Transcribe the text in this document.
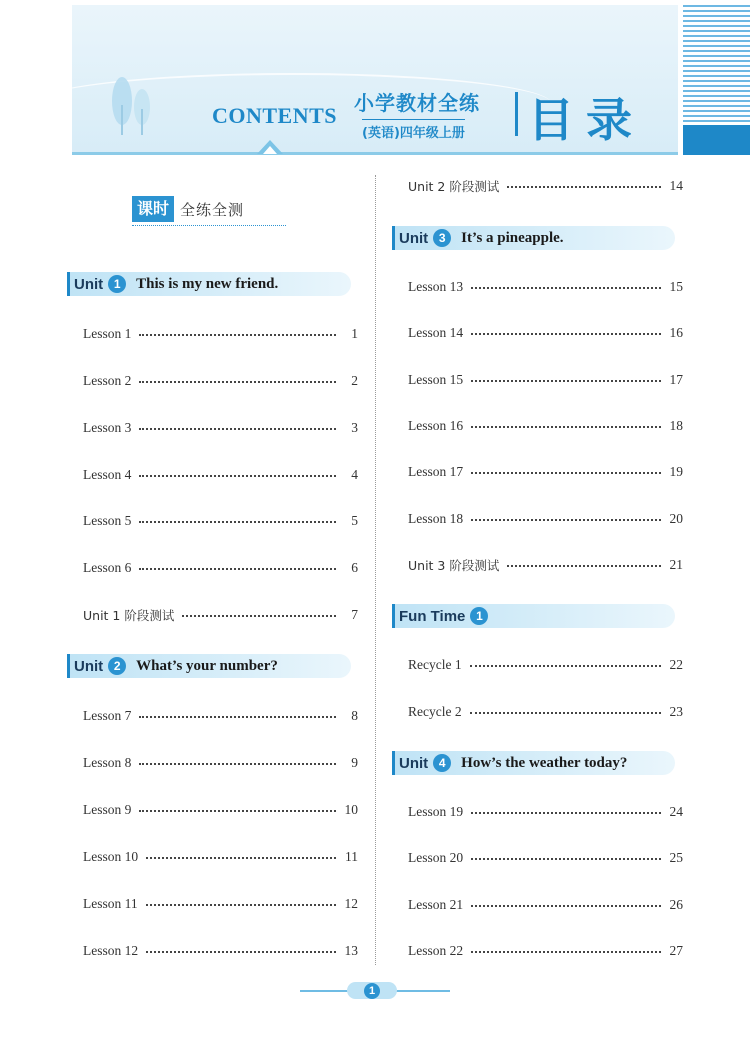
CONTENTS 小学教材全练
(英语)四年级上册 目录
课时 全练全测
Unit 1	This is my new friend.
Lesson 1	1
Lesson 2	2
Lesson 3	3
Lesson 4	4
Lesson 5	5
Lesson 6	6
Unit 1 阶段测试	7
Unit 2	What’s your number?
Lesson 7	8
Lesson 8	9
Lesson 9	10
Lesson 10	11
Lesson 11	12
Lesson 12	13
Unit 2 阶段测试	14
Unit 3	It’s a pineapple.
Lesson 13	15
Lesson 14	16
Lesson 15	17
Lesson 16	18
Lesson 17	19
Lesson 18	20
Unit 3 阶段测试	21
Fun Time 1
Recycle 1	22
Recycle 2	23
Unit 4	How’s the weather today?
Lesson 19	24
Lesson 20	25
Lesson 21	26
Lesson 22	27
1
